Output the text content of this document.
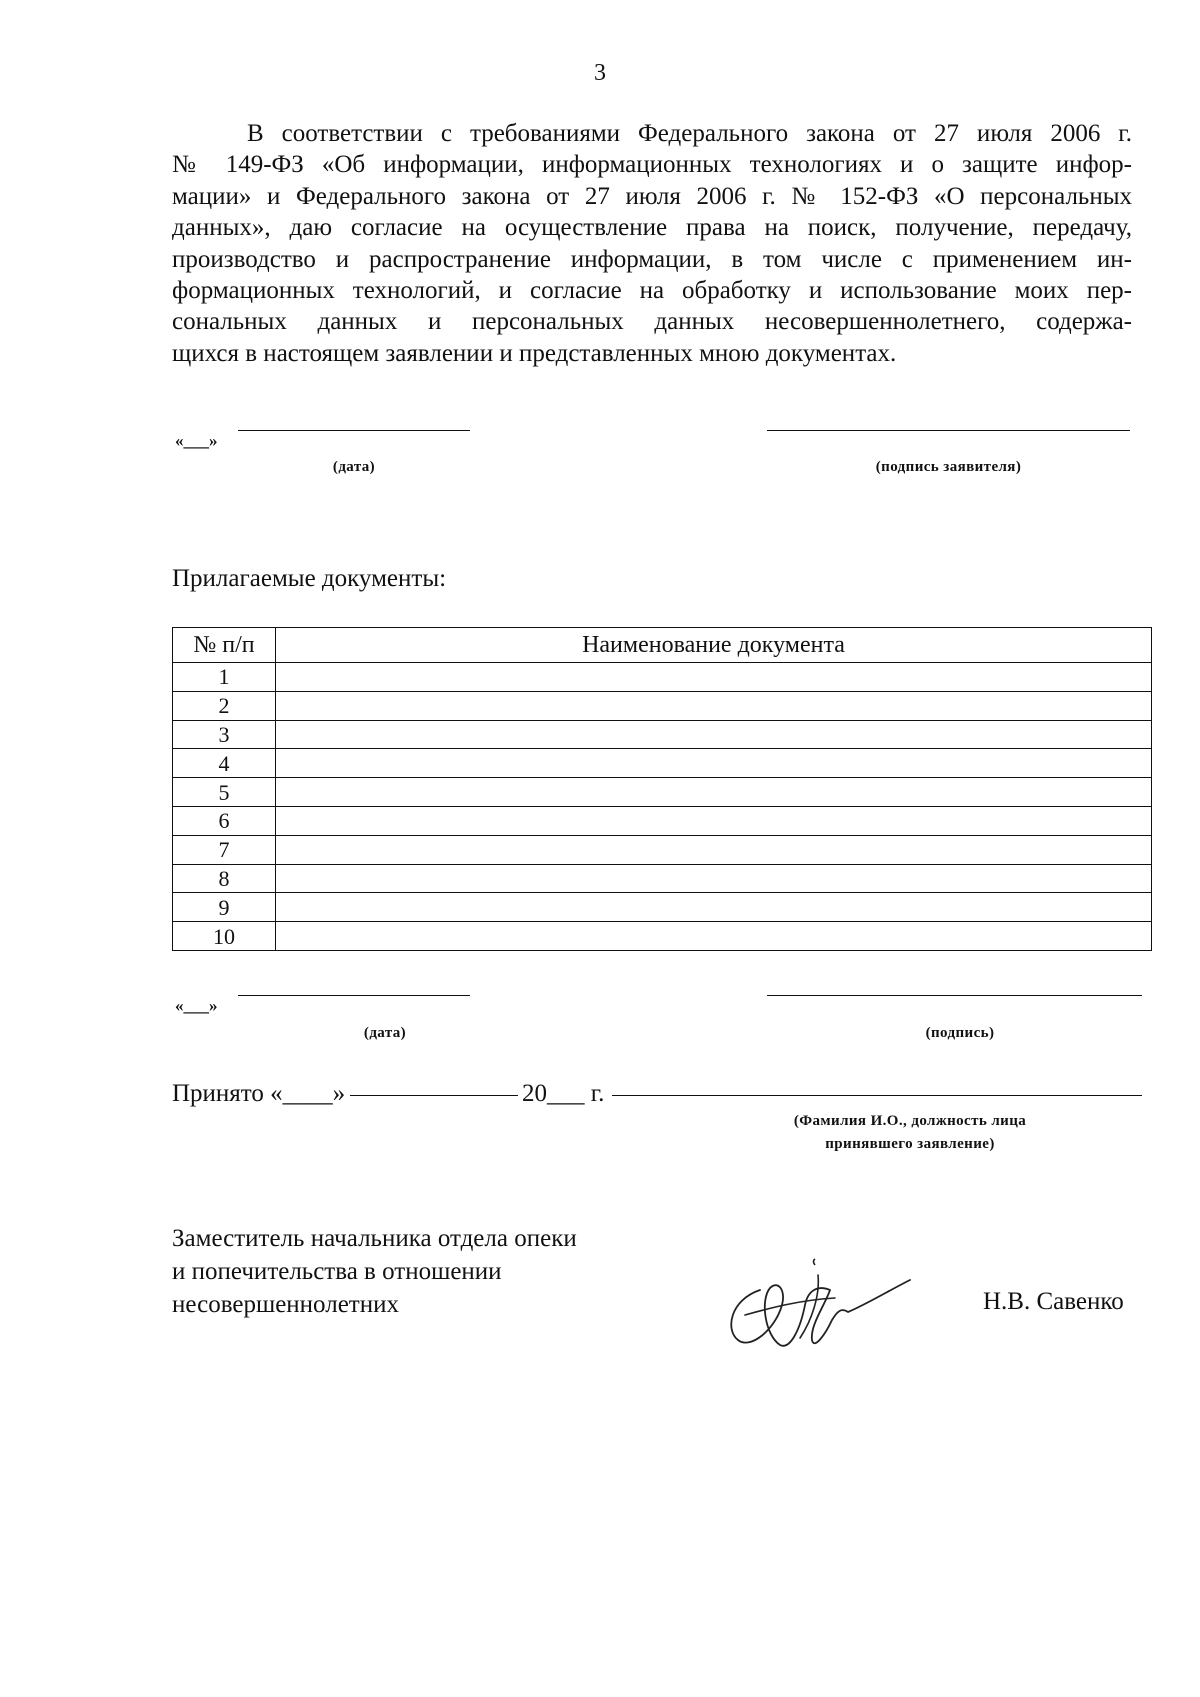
3
В соответствии с требованиями Федерального закона от 27 июля 2006 г.
№ 149-ФЗ «Об информации, информационных технологиях и о защите инфор-
мации» и Федерального закона от 27 июля 2006 г. № 152-ФЗ «О персональных
данных», даю согласие на осуществление права на поиск, получение, передачу,
производство и распространение информации, в том числе с применением ин-
формационных технологий, и согласие на обработку и использование моих пер-
сональных данных и персональных данных несовершеннолетнего, содержа-
щихся в настоящем заявлении и представленных мною документах.
«___»
(дата)	(подпись заявителя)
Прилагаемые документы:
№ п/п	Наименование документа
1	
2	
3	
4	
5	
6	
7	
8	
9	
10	
«___»
(дата)	(подпись)
Принято «____»	20___ г.
(Фамилия И.О., должность лица
принявшего заявление)
Заместитель начальника отдела опеки
и попечительства в отношении
несовершеннолетних	Н.В. Савенко
